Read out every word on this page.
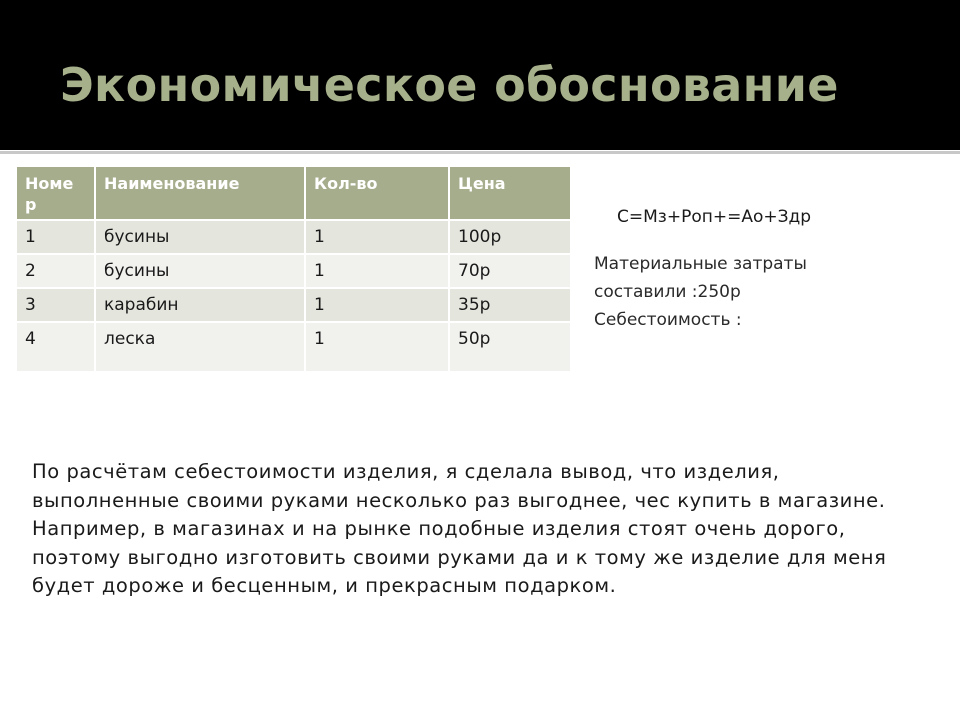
Экономическое обоснование
Номе р	Наименование	Кол-во	Цена
1	бусины	1	100р
2	бусины	1	70р
3	карабин	1	35р
4	леска	1	50р
С=Мз+Роп+=Ао+Здр
Материальные затраты
составили :250р
Себестоимость :
По расчётам себестоимости изделия, я сделала вывод, что изделия, выполненные своими руками несколько раз выгоднее, чес купить в магазине. Например, в магазинах и на рынке подобные изделия стоят очень дорого, поэтому выгодно изготовить своими руками да и к тому же изделие для меня будет дороже и бесценным, и прекрасным подарком.
